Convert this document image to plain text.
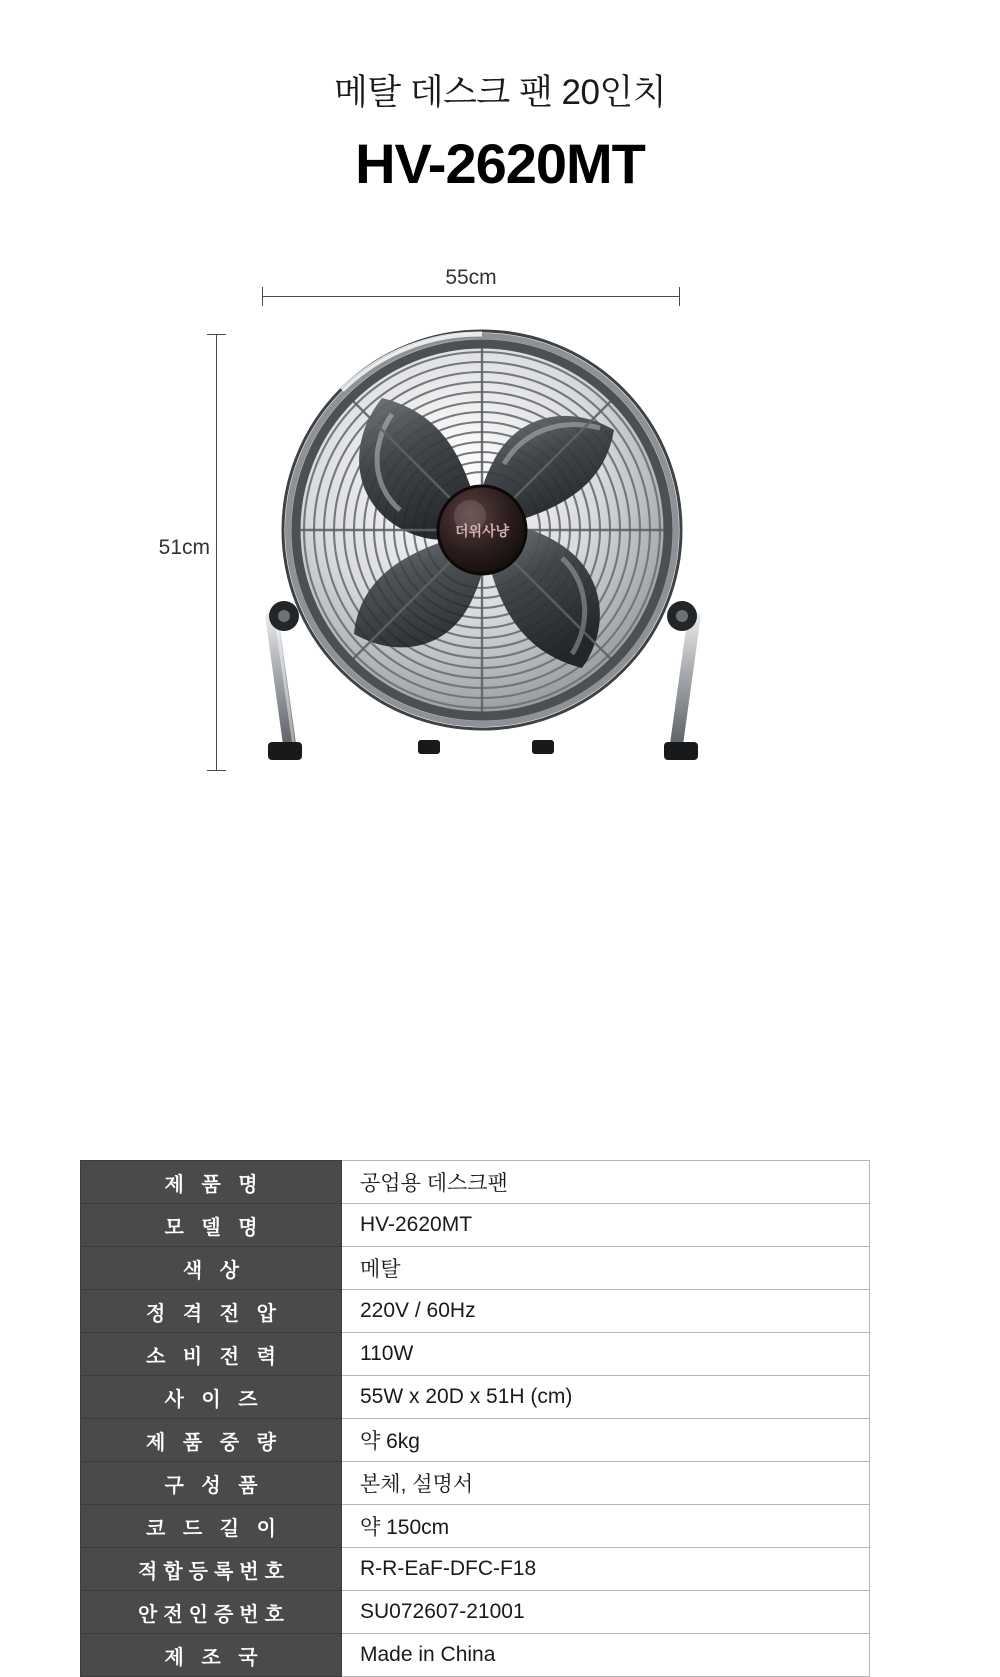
메탈 데스크 팬 20인치
HV-2620MT
55cm
51cm
더위사냥
제 품 명	공업용 데스크팬
모 델 명	HV-2620MT
색 상	메탈
정 격 전 압	220V / 60Hz
소 비 전 력	110W
사 이 즈	55W x 20D x 51H (cm)
제 품 중 량	약 6kg
구 성 품	본체, 설명서
코 드 길 이	약 150cm
적합등록번호	R-R-EaF-DFC-F18
안전인증번호	SU072607-21001
제 조 국	Made in China
